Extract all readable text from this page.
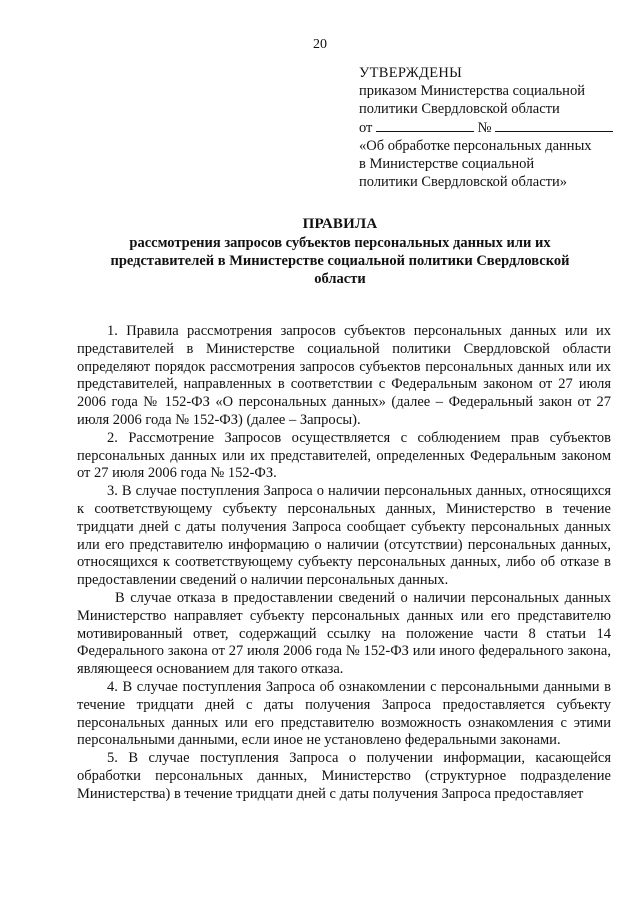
20
УТВЕРЖДЕНЫ
приказом Министерства социальной
политики Свердловской области
от	№
«Об обработке персональных данных
в Министерстве социальной
политики Свердловской области»
ПРАВИЛА
рассмотрения запросов субъектов персональных данных или их
представителей в Министерстве социальной политики Свердловской
области

1. Правила рассмотрения запросов субъектов персональных данных или их представителей в Министерстве социальной политики Свердловской области определяют порядок рассмотрения запросов субъектов персональных данных или их представителей, направленных в соответствии с Федеральным законом от 27 июля 2006 года № 152-ФЗ «О персональных данных» (далее – Федеральный закон от 27 июля 2006 года № 152-ФЗ) (далее – Запросы).

2. Рассмотрение Запросов осуществляется с соблюдением прав субъектов персональных данных или их представителей, определенных Федеральным законом от 27 июля 2006 года № 152-ФЗ.

3. В случае поступления Запроса о наличии персональных данных, относящихся к соответствующему субъекту персональных данных, Министерство в течение тридцати дней с даты получения Запроса сообщает субъекту персональных данных или его представителю информацию о наличии (отсутствии) персональных данных, относящихся к соответствующему субъекту персональных данных, либо об отказе в предоставлении сведений о наличии персональных данных.

В случае отказа в предоставлении сведений о наличии персональных данных Министерство направляет субъекту персональных данных или его представителю мотивированный ответ, содержащий ссылку на положение части 8 статьи 14 Федерального закона от 27 июля 2006 года № 152-ФЗ или иного федерального закона, являющееся основанием для такого отказа.

4. В случае поступления Запроса об ознакомлении с персональными данными в течение тридцати дней с даты получения Запроса предоставляется субъекту персональных данных или его представителю возможность ознакомления с этими персональными данными, если иное не установлено федеральными законами.

5. В случае поступления Запроса о получении информации, касающейся обработки персональных данных, Министерство (структурное подразделение Министерства) в течение тридцати дней с даты получения Запроса предоставляет
